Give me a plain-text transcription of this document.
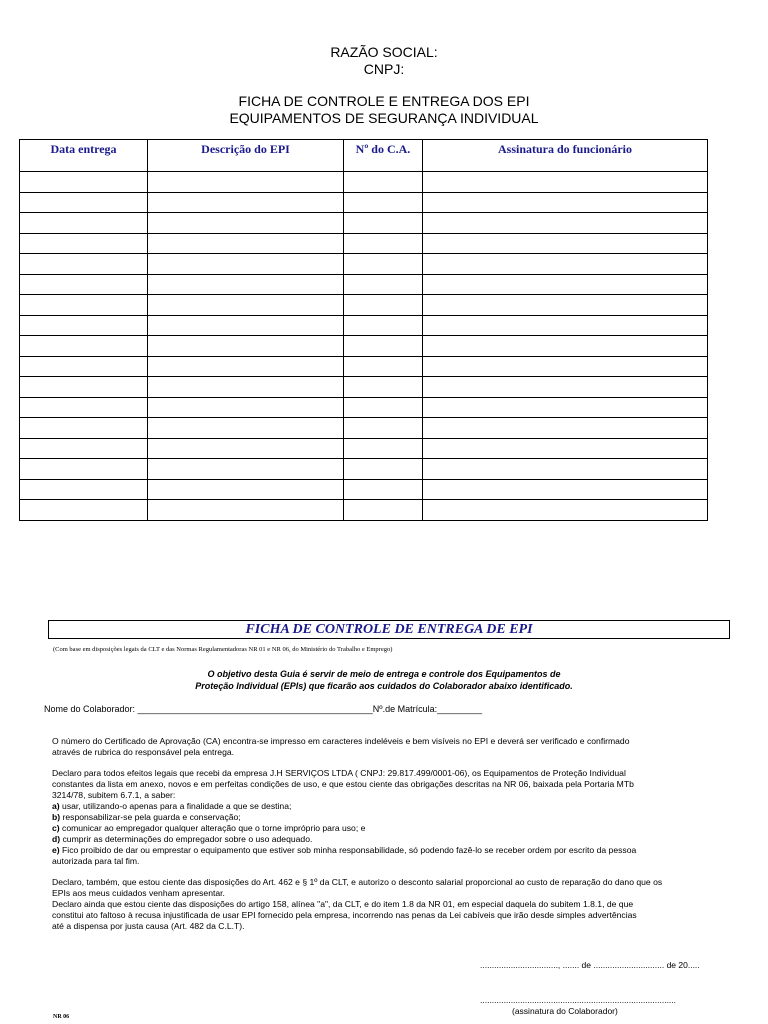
RAZÃO SOCIAL:
CNPJ:
FICHA DE CONTROLE E ENTREGA DOS EPI
EQUIPAMENTOS DE SEGURANÇA INDIVIDUAL
Data entrega	Descrição do EPI	Nº do C.A.	Assinatura do funcionário

FICHA DE CONTROLE DE ENTREGA DE EPI
(Com base em disposições legais da CLT e das Normas Regulamentadoras NR 01 e NR 06, do Ministério do Trabalho e Emprego)
O objetivo desta Guia é servir de meio de entrega e controle dos Equipamentos de
Proteção Individual (EPIs) que ficarão aos cuidados do Colaborador abaixo identificado.
Nome do Colaborador: _______________________________________________Nº.de Matrícula:_________

O número do Certificado de Aprovação (CA) encontra-se impresso em caracteres indeléveis e bem visíveis no EPI e deverá ser verificado e confirmado
através de rubrica do responsável pela entrega.

Declaro para todos efeitos legais que recebi da empresa J.H SERVIÇOS LTDA ( CNPJ: 29.817.499/0001-06), os Equipamentos de Proteção Individual
constantes da lista em anexo, novos e em perfeitas condições de uso, e que estou ciente das obrigações descritas na NR 06, baixada pela Portaria MTb
3214/78, subitem 6.7.1, a saber:
a) usar, utilizando-o apenas para a finalidade a que se destina;
b) responsabilizar-se pela guarda e conservação;
c) comunicar ao empregador qualquer alteração que o torne impróprio para uso; e
d) cumprir as determinações do empregador sobre o uso adequado.
e) Fico proibido de dar ou emprestar o equipamento que estiver sob minha responsabilidade, só podendo fazê-lo se receber ordem por escrito da pessoa
autorizada para tal fim.

Declaro, também, que estou ciente das disposições do Art. 462 e § 1º da CLT, e autorizo o desconto salarial proporcional ao custo de reparação do dano que os
EPIs aos meus cuidados venham apresentar.
Declaro ainda que estou ciente das disposições do artigo 158, alínea "a", da CLT, e do item 1.8 da NR 01, em especial daquela do subitem 1.8.1, de que
constitui ato faltoso à recusa injustificada de usar EPI fornecido pela empresa, incorrendo nas penas da Lei cabíveis que irão desde simples advertências
até a dispensa por justa causa (Art. 482 da C.L.T).

................................., ....... de .............................. de 20.....
...................................................................................
(assinatura do Colaborador)
NR 06
